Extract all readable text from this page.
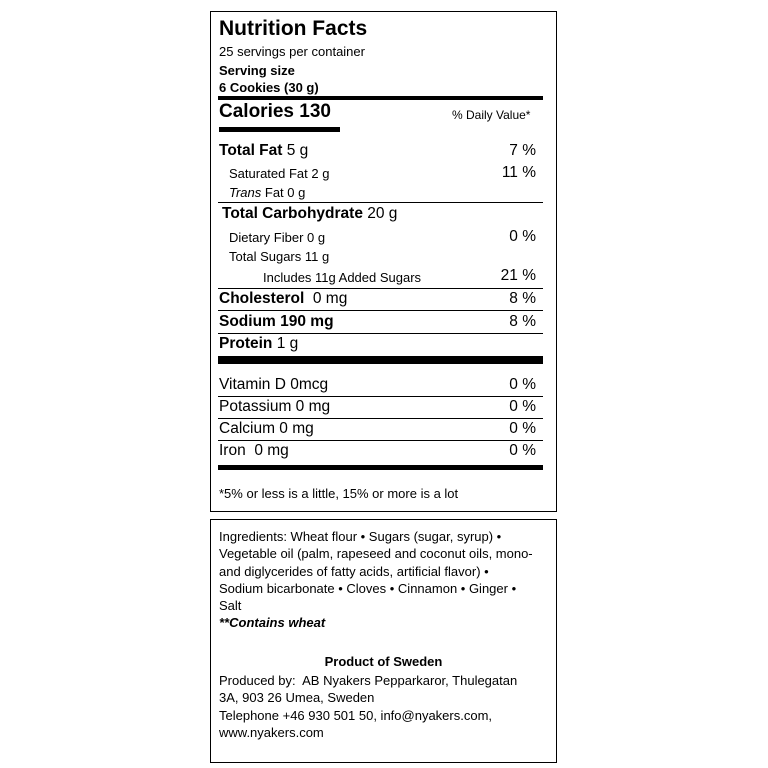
Nutrition Facts
25 servings per container
Serving size
6 Cookies (30 g)
Calories 130	% Daily Value*
Total Fat 5 g	7 %
Saturated Fat 2 g	11 %
Trans Fat 0 g
Total Carbohydrate 20 g
Dietary Fiber 0 g	0 %
Total Sugars 11 g
Includes 11g Added Sugars	21 %
Cholesterol  0 mg	8 %
Sodium 190 mg	8 %
Protein 1 g
Vitamin D 0mcg	0 %
Potassium 0 mg	0 %
Calcium 0 mg	0 %
Iron  0 mg	0 %
*5% or less is a little, 15% or more is a lot
Ingredients: Wheat flour • Sugars (sugar, syrup) •
Vegetable oil (palm, rapeseed and coconut oils, mono-
and diglycerides of fatty acids, artificial flavor) •
Sodium bicarbonate • Cloves • Cinnamon • Ginger •
Salt
**Contains wheat
Product of Sweden
Produced by:  AB Nyakers Pepparkaror, Thulegatan
3A, 903 26 Umea, Sweden
Telephone +46 930 501 50, info@nyakers.com,
www.nyakers.com
